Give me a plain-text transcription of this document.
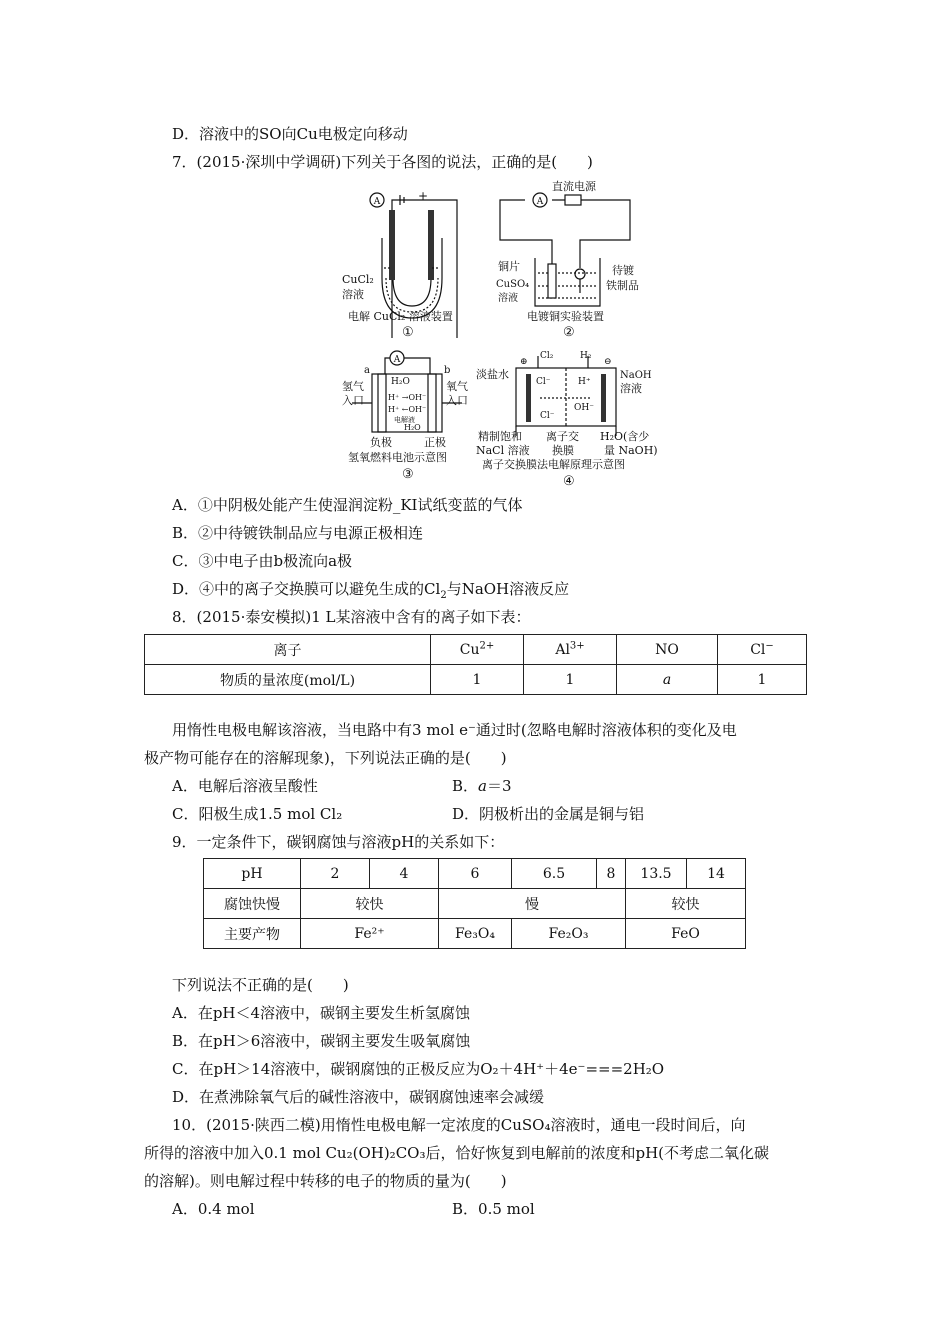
D．溶液中的SO向Cu电极定向移动
7．(2015·深圳中学调研)下列关于各图的说法，正确的是(　　)
A	+
CuCl₂
溶液
电解 CuCl₂ 溶液装置
①
A
直流电源
铜片
CuSO₄
溶液
待镀
铁制品
电镀铜实验装置
②
A
a	b
H₂O
H⁺ →OH⁻
H⁺ ←OH⁻
电解液
H₂O
氢气
入口
氧气
入口
负极	正极
氢氧燃料电池示意图
③
⊕	⊖
Cl₂	H₂
淡盐水	NaOH
溶液
Cl⁻	H⁺
OH⁻
Cl⁻
精制饱和
NaCl 溶液
离子交
换膜
H₂O(含少
量 NaOH)
离子交换膜法电解原理示意图
④
A．①中阴极处能产生使湿润淀粉_KI试纸变蓝的气体
B．②中待镀铁制品应与电源正极相连
C．③中电子由b极流向a极
D．④中的离子交换膜可以避免生成的$Cl_2$与NaOH溶液反应
8．(2015·泰安模拟)1 L某溶液中含有的离子如下表：
离子	$Cu^{2+}$	$Al^{3+}$	NO	Cl−
物质的量浓度(mol/L)	1	1	a	1
用惰性电极电解该溶液，当电路中有3 mol e⁻通过时(忽略电解时溶液体积的变化及电
极产物可能存在的溶解现象)，下列说法正确的是(　　)
A．电解后溶液呈酸性	B．a＝3
C．阳极生成1.5 mol Cl₂	D．阴极析出的金属是铜与铝
9．一定条件下，碳钢腐蚀与溶液pH的关系如下：
pH	2	4	6	6.5	8	13.5	14
腐蚀快慢	较快		慢			较快	
主要产物	Fe²⁺		Fe₃O₄	Fe₂O₃		FeO	
下列说法不正确的是(　　)
A．在pH＜4溶液中，碳钢主要发生析氢腐蚀
B．在pH＞6溶液中，碳钢主要发生吸氧腐蚀
C．在pH＞14溶液中，碳钢腐蚀的正极反应为O₂＋4H⁺＋4e⁻===2H₂O
D．在煮沸除氧气后的碱性溶液中，碳钢腐蚀速率会减缓
10．(2015·陕西二模)用惰性电极电解一定浓度的CuSO₄溶液时，通电一段时间后，向
所得的溶液中加入0.1 mol Cu₂(OH)₂CO₃后，恰好恢复到电解前的浓度和pH(不考虑二氧化碳
的溶解)。则电解过程中转移的电子的物质的量为(　　)
A．0.4 mol	B．0.5 mol
